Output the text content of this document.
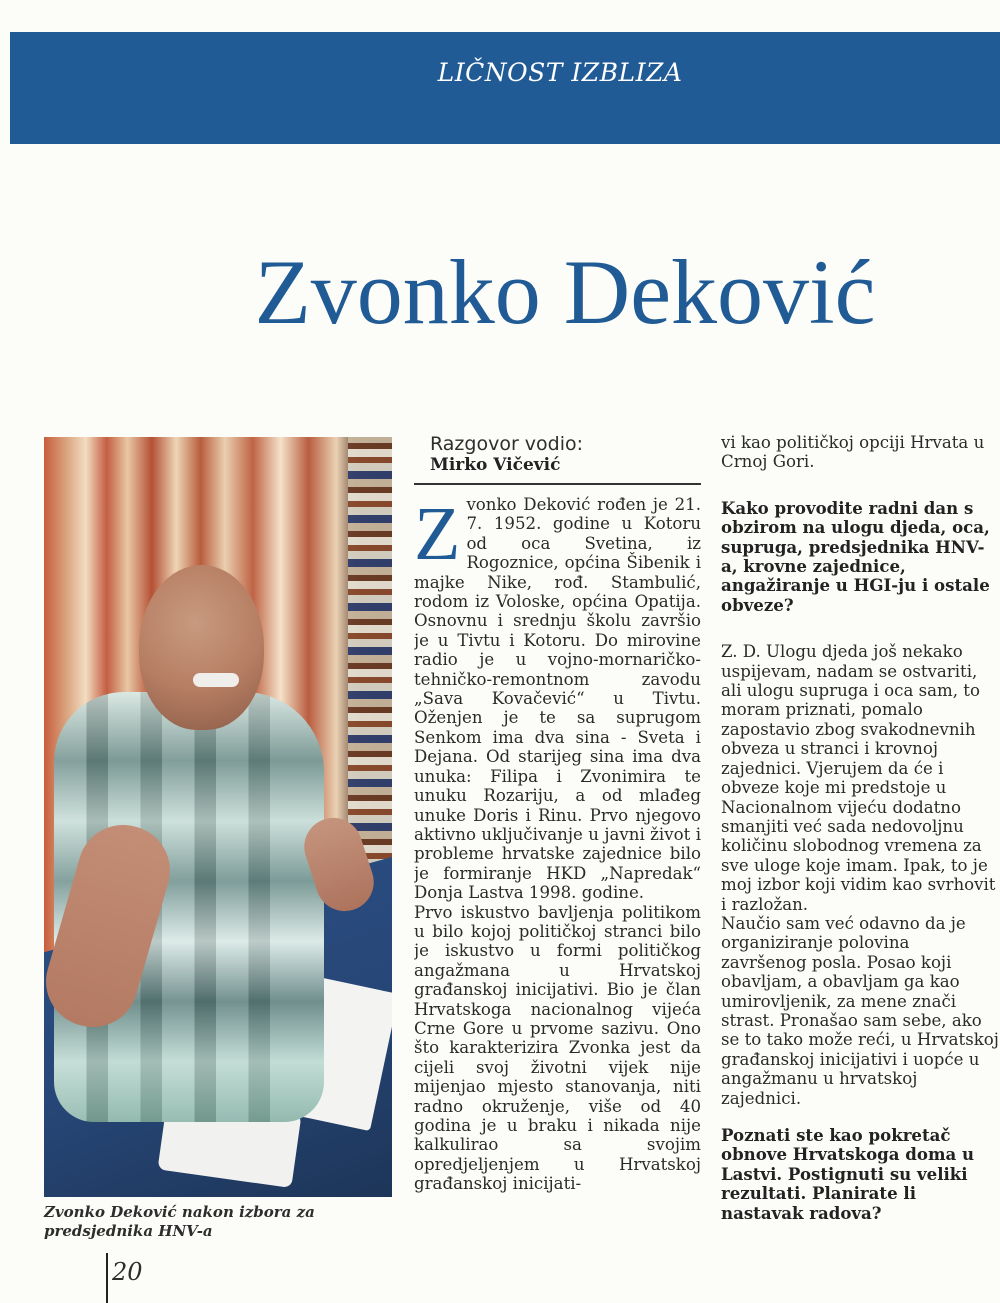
LIČNOST IZBLIZA
Zvonko Deković
Zvonko Deković nakon izbora za predsjednika HNV-a
20
Razgovor vodio:
Mirko Vičević
Z vonko Deković rođen je 21. 7. 1952. godine u Kotoru od oca Svetina, iz Rogoznice, općina Šibenik i majke Nike, rođ. Stambulić, rodom iz Voloske, općina Opatija. Osnovnu i srednju školu završio je u Tivtu i Kotoru. Do mirovine radio je u vojno-mornaričko-tehničko-remontnom zavodu „Sava Kovačević“ u Tivtu. Oženjen je te sa suprugom Senkom ima dva sina - Sveta i Dejana. Od starijeg sina ima dva unuka: Filipa i Zvonimira te unuku Rozariju, a od mlađeg unuke Doris i Rinu. Prvo njegovo aktivno uključivanje u javni život i probleme hrvatske zajednice bilo je formiranje HKD „Napredak“ Donja Lastva 1998. godine.

Prvo iskustvo bavljenja politikom u bilo kojoj političkoj stranci bilo je iskustvo u formi političkog angažmana u Hrvatskoj građanskoj inicijativi. Bio je član Hrvatskoga nacionalnog vijeća Crne Gore u prvome sazivu. Ono što karakterizira Zvonka jest da cijeli svoj životni vijek nije mijenjao mjesto stanovanja, niti radno okruženje, više od 40 godina je u braku i nikada nije kalkulirao sa svojim opredjeljenjem u Hrvatskoj građanskoj inicijati-

vi kao političkoj opciji Hrvata u Crnoj Gori.

Kako provodite radni dan s obzirom na ulogu djeda, oca, supruga, predsjednika HNV-a, krovne zajednice, angažiranje u HGI-ju i ostale obveze?

Z. D. Ulogu djeda još nekako uspijevam, nadam se ostvariti, ali ulogu supruga i oca sam, to moram priznati, pomalo zapostavio zbog svakodnevnih obveza u stranci i krovnoj zajednici. Vjerujem da će i obveze koje mi predstoje u Nacionalnom vijeću dodatno smanjiti već sada nedovoljnu količinu slobodnog vremena za sve uloge koje imam. Ipak, to je moj izbor koji vidim kao svrhovit i razložan.

Naučio sam već odavno da je organiziranje polovina završenog posla. Posao koji obavljam, a obavljam ga kao umirovljenik, za mene znači strast. Pronašao sam sebe, ako se to tako može reći, u Hrvatskoj građanskoj inicijativi i uopće u angažmanu u hrvatskoj zajednici.

Poznati ste kao pokretač obnove Hrvatskoga doma u Lastvi. Postignuti su veliki rezultati. Planirate li nastavak radova?
